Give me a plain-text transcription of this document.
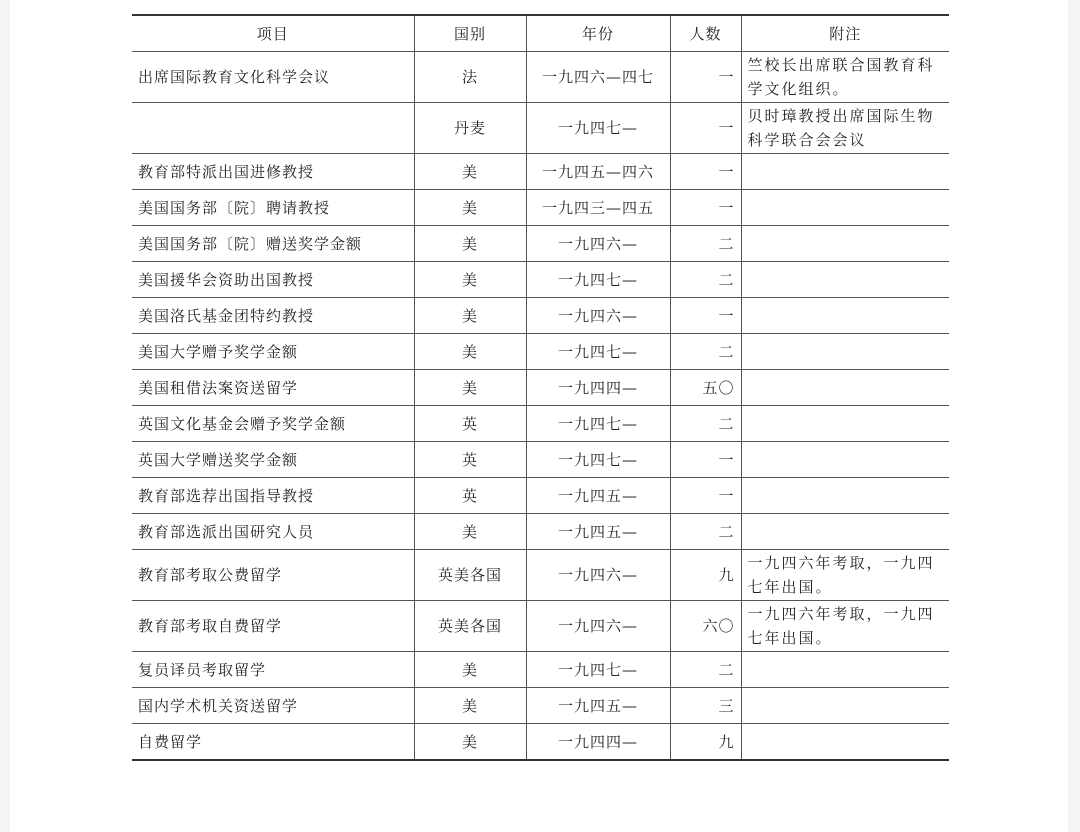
项目	国别	年份	人数	附注
出席国际教育文化科学会议	法	一九四六—四七	一	竺校长出席联合国教育科学文化组织。
	丹麦	一九四七—	一	贝时璋教授出席国际生物科学联合会会议
教育部特派出国进修教授	美	一九四五—四六	一	
美国国务部〔院〕聘请教授	美	一九四三—四五	一	
美国国务部〔院〕赠送奖学金额	美	一九四六—	二	
美国援华会资助出国教授	美	一九四七—	二	
美国洛氏基金团特约教授	美	一九四六—	一	
美国大学赠予奖学金额	美	一九四七—	二	
美国租借法案资送留学	美	一九四四—	五〇	
英国文化基金会赠予奖学金额	英	一九四七—	二	
英国大学赠送奖学金额	英	一九四七—	一	
教育部选荐出国指导教授	英	一九四五—	一	
教育部选派出国研究人员	美	一九四五—	二	
教育部考取公费留学	英美各国	一九四六—	九	一九四六年考取，一九四七年出国。
教育部考取自费留学	英美各国	一九四六—	六〇	一九四六年考取，一九四七年出国。
复员译员考取留学	美	一九四七—	二	
国内学术机关资送留学	美	一九四五—	三	
自费留学	美	一九四四—	九	
